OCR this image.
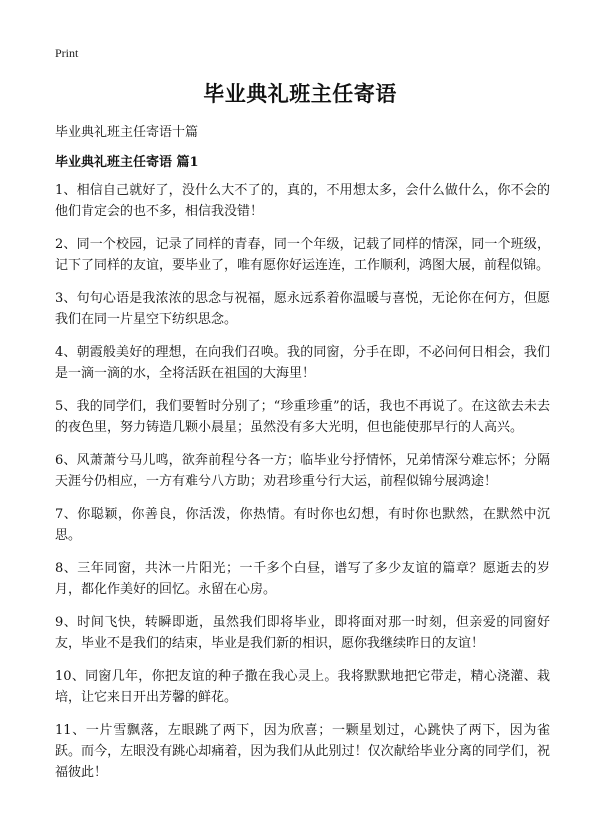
Print
毕业典礼班主任寄语

毕业典礼班主任寄语十篇

毕业典礼班主任寄语 篇1

1、相信自己就好了，没什么大不了的，真的，不用想太多，会什么做什么，你不会的他们肯定会的也不多，相信我没错！

2、同一个校园，记录了同样的青春，同一个年级，记载了同样的情深，同一个班级，记下了同样的友谊，要毕业了，唯有愿你好运连连，工作顺利，鸿图大展，前程似锦。

3、句句心语是我浓浓的思念与祝福，愿永远系着你温暖与喜悦，无论你在何方，但愿我们在同一片星空下纺织思念。

4、朝霞般美好的理想，在向我们召唤。我的同窗，分手在即，不必问何日相会，我们是一滴一滴的水，全将活跃在祖国的大海里！

5、我的同学们，我们要暂时分别了；“珍重珍重”的话，我也不再说了。在这欲去未去的夜色里，努力铸造几颗小晨星；虽然没有多大光明，但也能使那早行的人高兴。

6、风萧萧兮马儿鸣，欲奔前程兮各一方；临毕业兮抒情怀，兄弟情深兮难忘怀；分隔天涯兮仍相应，一方有难兮八方助；劝君珍重兮行大运，前程似锦兮展鸿途！

7、你聪颖，你善良，你活泼，你热情。有时你也幻想，有时你也默然，在默然中沉思。

8、三年同窗，共沐一片阳光；一千多个白昼，谱写了多少友谊的篇章？愿逝去的岁月，都化作美好的回忆。永留在心房。

9、时间飞快，转瞬即逝，虽然我们即将毕业，即将面对那一时刻，但亲爱的同窗好友，毕业不是我们的结束，毕业是我们新的相识，愿你我继续昨日的友谊！

10、同窗几年，你把友谊的种子撒在我心灵上。我将默默地把它带走，精心浇灌、栽培，让它来日开出芳馨的鲜花。

11、一片雪飘落，左眼跳了两下，因为欣喜；一颗星划过，心跳快了两下，因为雀跃。而今，左眼没有跳心却痛着，因为我们从此别过！仅次献给毕业分离的同学们，祝福彼此！
